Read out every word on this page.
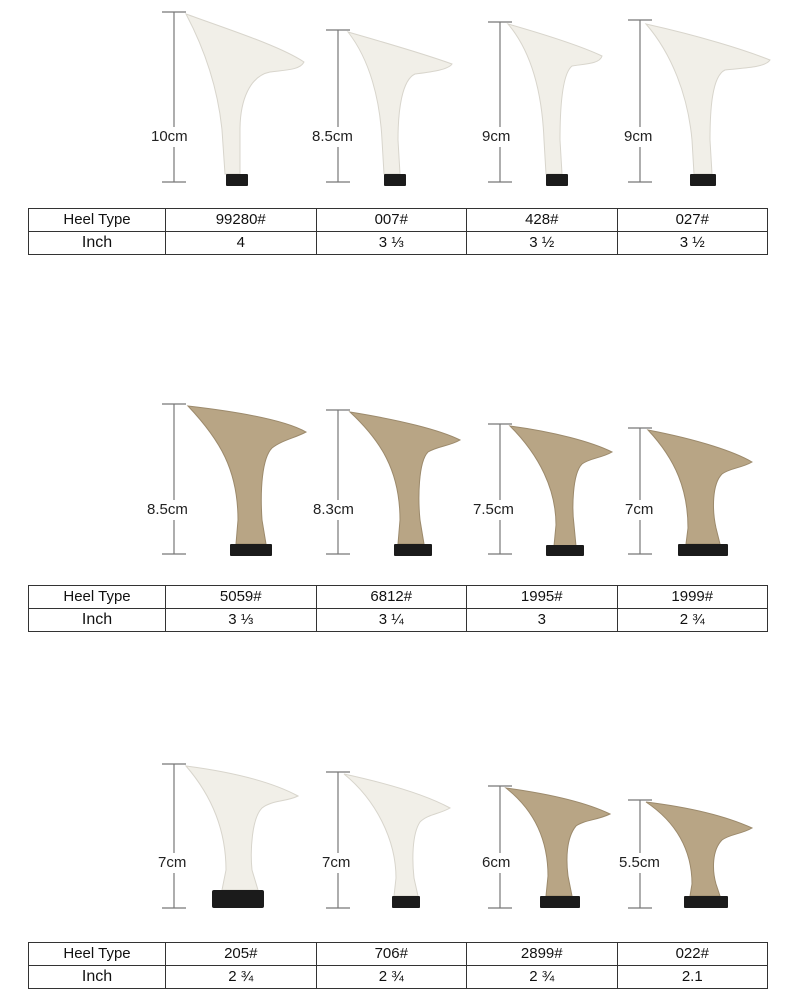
10cm	8.5cm	9cm	9cm
8.5cm	8.3cm	7.5cm	7cm
7cm	7cm	6cm	5.5cm
Heel Type	99280#	007#	428#	027#
Inch	4	3 ⅓	3 ½	3 ½
Heel Type	5059#	6812#	1995#	1999#
Inch	3 ⅓	3 ¼	3	2 ¾
Heel Type	205#	706#	2899#	022#
Inch	2 ¾	2 ¾	2 ¾	2.1
